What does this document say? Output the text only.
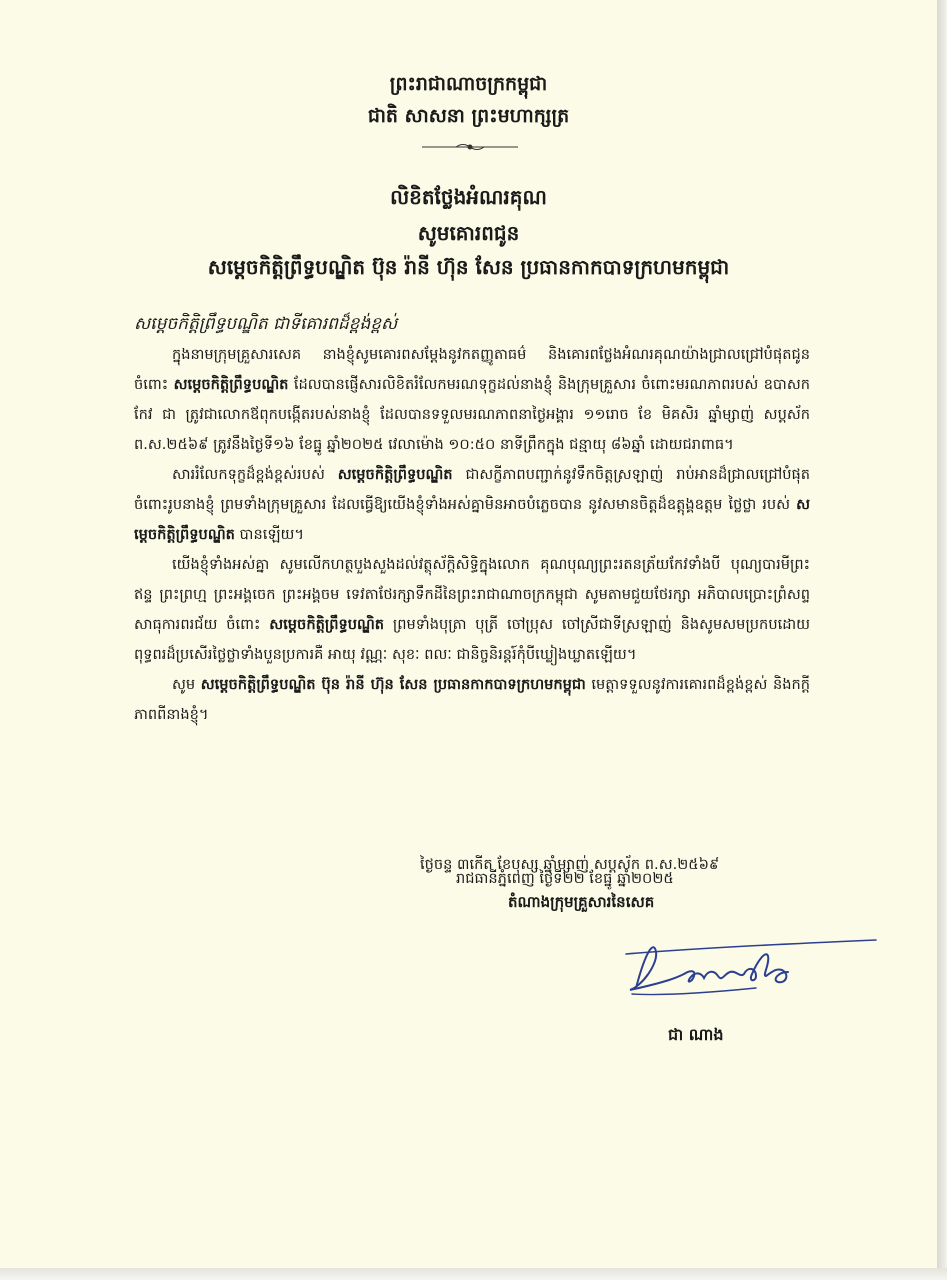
ព្រះរាជាណាចក្រកម្ពុជា
ជាតិ សាសនា ព្រះមហាក្សត្រ
លិខិតថ្លែងអំណរគុណ
សូមគោរពជូន
សម្តេចកិត្តិព្រឹទ្ធបណ្ឌិត ប៊ុន រ៉ានី ហ៊ុន សែន ប្រធានកាកបាទក្រហមកម្ពុជា
សម្តេចកិត្តិព្រឹទ្ធបណ្ឌិត ជាទីគោរពដ៏ខ្ពង់ខ្ពស់

ក្នុងនាមក្រុមគ្រួសារសេគ នាងខ្ញុំសូមគោរពសម្តែងនូវកតញ្ញូតាធម៌ និងគោរពថ្លែងអំណរគុណយ៉ាងជ្រាលជ្រៅបំផុតជូនចំពោះ សម្តេចកិត្តិព្រឹទ្ធបណ្ឌិត ដែលបានផ្ញើសារលិខិតរំលែកមរណទុក្ខដល់នាងខ្ញុំ និងក្រុមគ្រួសារ ចំពោះមរណភាពរបស់ ឧបាសក កែវ ជា ត្រូវជាលោកឪពុកបង្កើតរបស់នាងខ្ញុំ ដែលបានទទួលមរណភាពនាថ្ងៃអង្គារ ១១រោច ខែ មិគសិរ ឆ្នាំម្សាញ់ សប្តស័ក ព.ស.២៥៦៩ ត្រូវនឹងថ្ងៃទី១៦ ខែធ្នូ ឆ្នាំ២០២៥ វេលាម៉ោង ១០:៥០ នាទីព្រឹកក្នុង ជន្មាយុ ៨៦ឆ្នាំ ដោយជរាពាធ។

សាររំលែកទុក្ខដ៏ខ្ពង់ខ្ពស់របស់ សម្តេចកិត្តិព្រឹទ្ធបណ្ឌិត ជាសក្ខីភាពបញ្ជាក់នូវទឹកចិត្តស្រឡាញ់ រាប់អានដ៏ជ្រាលជ្រៅបំផុត ចំពោះរូបនាងខ្ញុំ ព្រមទាំងក្រុមគ្រួសារ ដែលធ្វើឱ្យយើងខ្ញុំទាំងអស់គ្នាមិនអាចបំភ្លេចបាន នូវសមានចិត្តដ៏ឧត្តុង្គឧត្តម ថ្លៃថ្លា របស់ សម្តេចកិត្តិព្រឹទ្ធបណ្ឌិត បានឡើយ។

យើងខ្ញុំទាំងអស់គ្នា សូមលើកហត្ថបួងសួងដល់វត្ថុស័ក្តិសិទ្ធិក្នុងលោក គុណបុណ្យព្រះរតនត្រ័យកែវទាំងបី បុណ្យបារមីព្រះឥន្ទ ព្រះព្រហ្ម ព្រះអង្គចេក ព្រះអង្គចម ទេវតាថែរក្សាទឹកដីនៃព្រះរាជាណាចក្រកម្ពុជា សូមតាមជួយថែរក្សា អភិបាលប្រោះព្រំសព្ទសាធុការពរជ័យ ចំពោះ សម្តេចកិត្តិព្រឹទ្ធបណ្ឌិត ព្រមទាំងបុត្រា បុត្រី ចៅប្រុស ចៅស្រីជាទីស្រឡាញ់ និងសូមសមប្រកបដោយពុទ្ធពរដ៏ប្រសើរថ្លៃថ្លាទាំងបួនប្រការគឺ អាយុ វណ្ណៈ សុខៈ ពលៈ ជានិច្ចនិរន្តរ៍កុំបីឃ្លៀងឃ្លាតឡើយ។

សូម សម្តេចកិត្តិព្រឹទ្ធបណ្ឌិត ប៊ុន រ៉ានី ហ៊ុន សែន ប្រធានកាកបាទក្រហមកម្ពុជា មេត្តាទទួលនូវការគោរពដ៏ខ្ពង់ខ្ពស់ និងកក្តីភាពពីនាងខ្ញុំ។

ថ្ងៃចន្ទ ៣កើត ខែបុស្ស ឆ្នាំម្សាញ់ សប្តស័ក ព.ស.២៥៦៩
រាជធានីភ្នំពេញ ថ្ងៃទី២២ ខែធ្នូ ឆ្នាំ២០២៥
តំណាងក្រុមគ្រួសារនៃសេគ
ជា ណាង
